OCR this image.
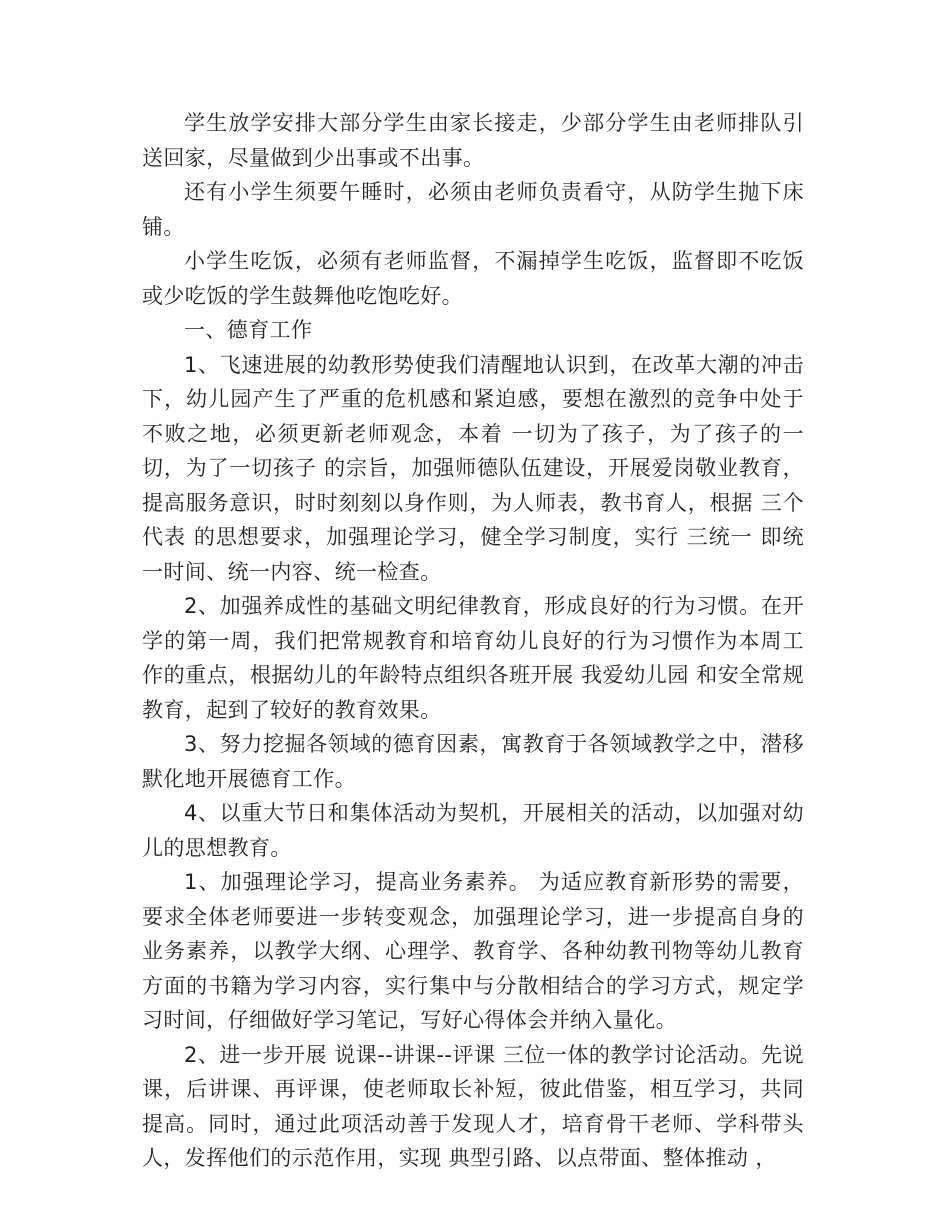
学生放学安排大部分学生由家长接走，少部分学生由老师排队引送回家，尽量做到少出事或不出事。

还有小学生须要午睡时，必须由老师负责看守，从防学生抛下床铺。

小学生吃饭，必须有老师监督，不漏掉学生吃饭，监督即不吃饭或少吃饭的学生鼓舞他吃饱吃好。

一、德育工作

1、飞速进展的幼教形势使我们清醒地认识到，在改革大潮的冲击下，幼儿园产生了严重的危机感和紧迫感，要想在激烈的竞争中处于不败之地，必须更新老师观念，本着 一切为了孩子，为了孩子的一切，为了一切孩子 的宗旨，加强师德队伍建设，开展爱岗敬业教育，提高服务意识，时时刻刻以身作则，为人师表，教书育人，根据 三个代表 的思想要求，加强理论学习，健全学习制度，实行 三统一 即统一时间、统一内容、统一检查。

2、加强养成性的基础文明纪律教育，形成良好的行为习惯。在开学的第一周，我们把常规教育和培育幼儿良好的行为习惯作为本周工作的重点，根据幼儿的年龄特点组织各班开展 我爱幼儿园 和安全常规教育，起到了较好的教育效果。

3、努力挖掘各领域的德育因素，寓教育于各领域教学之中，潜移默化地开展德育工作。

4、以重大节日和集体活动为契机，开展相关的活动，以加强对幼儿的思想教育。

1、加强理论学习，提高业务素养。 为适应教育新形势的需要，要求全体老师要进一步转变观念，加强理论学习，进一步提高自身的业务素养，以教学大纲、心理学、教育学、各种幼教刊物等幼儿教育方面的书籍为学习内容，实行集中与分散相结合的学习方式，规定学习时间，仔细做好学习笔记，写好心得体会并纳入量化。

2、进一步开展 说课--讲课--评课 三位一体的教学讨论活动。先说课，后讲课、再评课，使老师取长补短，彼此借鉴，相互学习，共同提高。同时，通过此项活动善于发现人才，培育骨干老师、学科带头人，发挥他们的示范作用，实现 典型引路、以点带面、整体推动 ，
